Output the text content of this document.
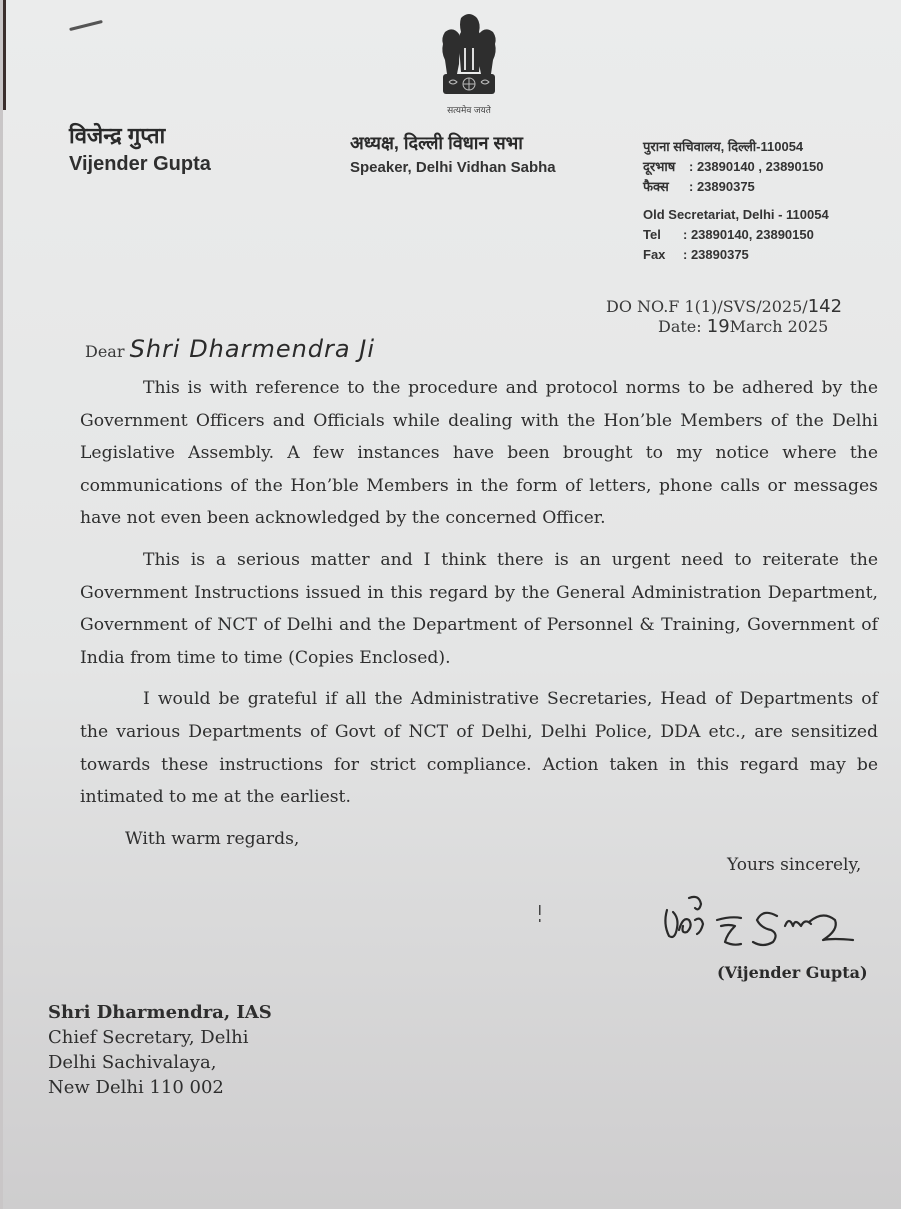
सत्यमेव जयते
विजेन्द्र गुप्ता
Vijender Gupta
अध्यक्ष, दिल्ली विधान सभा
Speaker, Delhi Vidhan Sabha
पुराना सचिवालय, दिल्ली-110054
दूरभाष : 23890140 , 23890150
फैक्स : 23890375
Old Secretariat, Delhi - 110054
Tel : 23890140, 23890150
Fax : 23890375
DO NO.F 1(1)/SVS/2025/142
Date: 19March 2025
Dear Shri Dharmendra Ji

This is with reference to the procedure and protocol norms to be adhered by the Government Officers and Officials while dealing with the Hon’ble Members of the Delhi Legislative Assembly. A few instances have been brought to my notice where the communications of the Hon’ble Members in the form of letters, phone calls or messages have not even been acknowledged by the concerned Officer.

This is a serious matter and I think there is an urgent need to reiterate the Government Instructions issued in this regard by the General Administration Department, Government of NCT of Delhi and the Department of Personnel & Training, Government of India from time to time (Copies Enclosed).

I would be grateful if all the Administrative Secretaries, Head of Departments of the various Departments of Govt of NCT of Delhi, Delhi Police, DDA etc., are sensitized towards these instructions for strict compliance. Action taken in this regard may be intimated to me at the earliest.

With warm regards,

Yours sincerely,
(Vijender Gupta)
Shri Dharmendra, IAS
Chief Secretary, Delhi
Delhi Sachivalaya,
New Delhi 110 002
